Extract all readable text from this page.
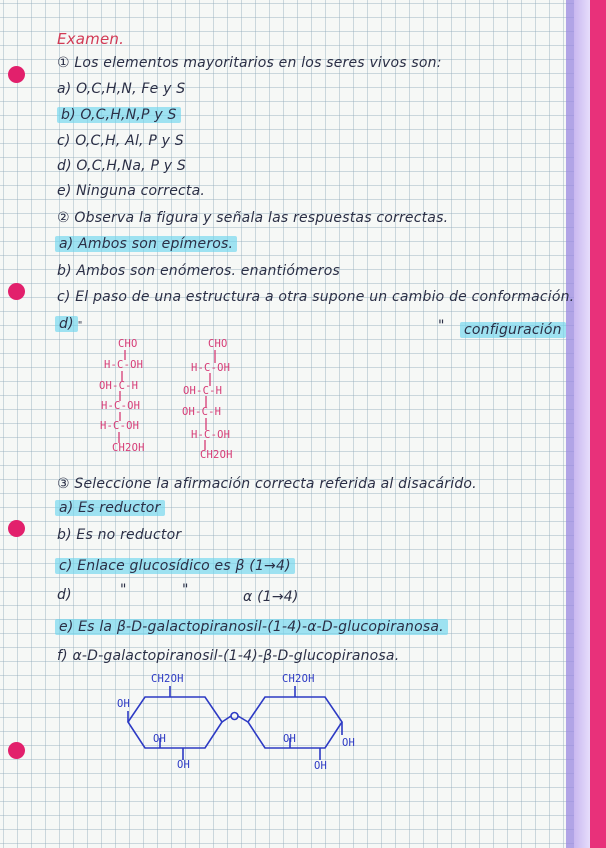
Examen.
① Los elementos mayoritarios en los seres vivos son:
a) O,C,H,N, Fe y S
b) O,C,H,N,P y S
c) O,C,H, Al, P y S
d) O,C,H,Na, P y S
e) Ninguna correcta.
② Observa la figura y señala las respuestas correctas.
a) Ambos son epímeros.
b) Ambos son enómeros. enantiómeros
c) El paso de una estructura a otra supone un cambio de conformación.
d) "	" configuración
CHO
H-C-OH
OH-C-H
H-C-OH
H-C-OH
CH2OH
CHO
H-C-OH
OH-C-H
OH-C-H
H-C-OH
CH2OH
③ Seleccione la afirmación correcta referida al disacárido.
a) Es reductor
b) Es no reductor
c) Enlace glucosídico es β (1→4)
d)	"	"	α (1→4)
e) Es la β-D-galactopiranosil-(1-4)-α-D-glucopiranosa.
f) α-D-galactopiranosil-(1-4)-β-D-glucopiranosa.
CH2OH
OH
OH
OH
CH2OH
OH	OH
OH
